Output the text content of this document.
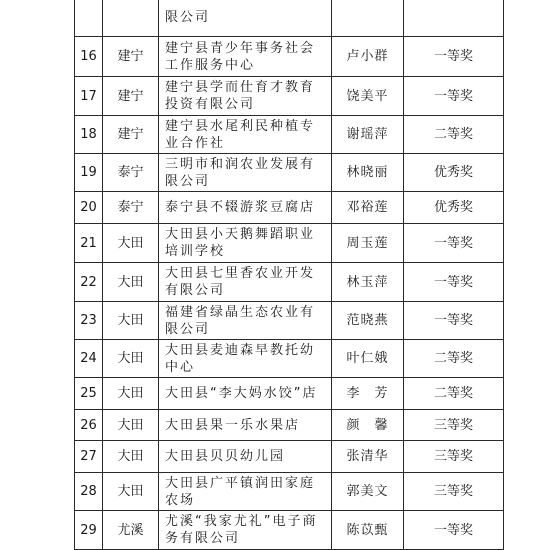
		限公司		

16	建宁	建宁县青少年事务社会
工作服务中心	卢小群	一等奖
17	建宁	建宁县学而仕育才教育
投资有限公司	饶美平	一等奖
18	建宁	建宁县水尾利民种植专
业合作社	谢瑶萍	二等奖
19	泰宁	三明市和润农业发展有
限公司	林晓丽	优秀奖
20	泰宁	泰宁县不辍游浆豆腐店	邓裕莲	优秀奖
21	大田	大田县小天鹅舞蹈职业
培训学校	周玉莲	一等奖
22	大田	大田县七里香农业开发
有限公司	林玉萍	一等奖
23	大田	福建省绿晶生态农业有
限公司	范晓燕	一等奖
24	大田	大田县麦迪森早教托幼
中心	叶仁娥	二等奖
25	大田	大田县“李大妈水饺”店	李　芳	二等奖
26	大田	大田县果一乐水果店	颜　馨	三等奖
27	大田	大田县贝贝幼儿园	张清华	三等奖
28	大田	大田县广平镇润田家庭
农场	郭美文	三等奖
29	尤溪	尤溪“我家尤礼”电子商
务有限公司	陈苡甄	一等奖
